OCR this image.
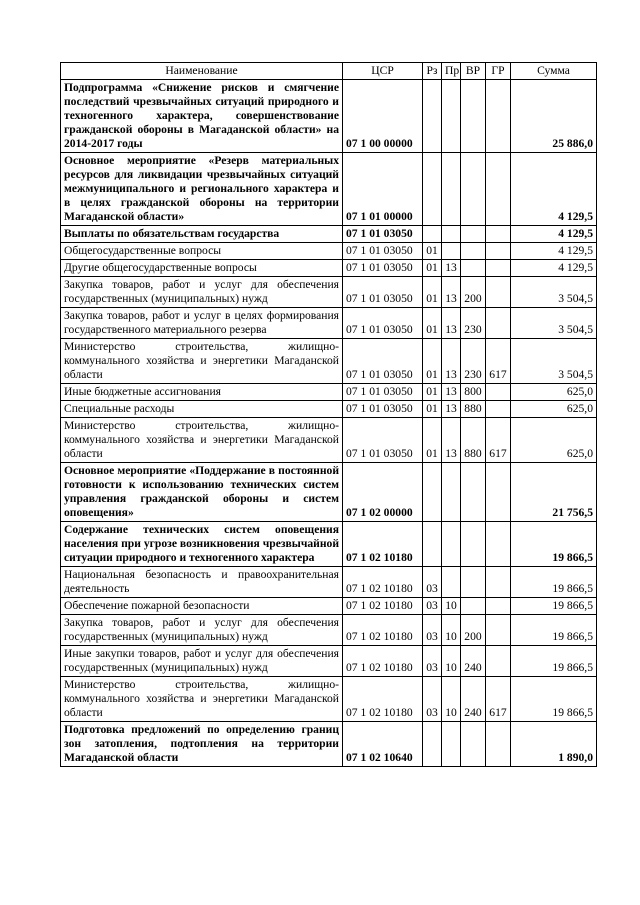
Наименование	ЦСР	Рз	Пр	ВР	ГР	Сумма
Подпрограмма «Снижение рисков и смягчение последствий чрезвычайных ситуаций природного и техногенного характера, совершенствование гражданской обороны в Магаданской области» на 2014-2017 годы	07 1 00 00000					25 886,0
Основное мероприятие «Резерв материальных ресурсов для ликвидации чрезвычайных ситуаций межмуниципального и регионального характера и в целях гражданской обороны на территории Магаданской области»	07 1 01 00000					4 129,5
Выплаты по обязательствам государства	07 1 01 03050					4 129,5
Общегосударственные вопросы	07 1 01 03050	01				4 129,5
Другие общегосударственные вопросы	07 1 01 03050	01	13			4 129,5
Закупка товаров, работ и услуг для обеспечения государственных (муниципальных) нужд	07 1 01 03050	01	13	200		3 504,5
Закупка товаров, работ и услуг в целях формирования государственного материального резерва	07 1 01 03050	01	13	230		3 504,5
Министерство строительства, жилищно-коммунального хозяйства и энергетики Магаданской области	07 1 01 03050	01	13	230	617	3 504,5
Иные бюджетные ассигнования	07 1 01 03050	01	13	800		625,0
Специальные расходы	07 1 01 03050	01	13	880		625,0
Министерство строительства, жилищно-коммунального хозяйства и энергетики Магаданской области	07 1 01 03050	01	13	880	617	625,0
Основное мероприятие «Поддержание в постоянной готовности к использованию технических систем управления гражданской обороны и систем оповещения»	07 1 02 00000					21 756,5
Содержание технических систем оповещения населения при угрозе возникновения чрезвычайной ситуации природного и техногенного характера	07 1 02 10180					19 866,5
Национальная безопасность и правоохранительная деятельность	07 1 02 10180	03				19 866,5
Обеспечение пожарной безопасности	07 1 02 10180	03	10			19 866,5
Закупка товаров, работ и услуг для обеспечения государственных (муниципальных) нужд	07 1 02 10180	03	10	200		19 866,5
Иные закупки товаров, работ и услуг для обеспечения государственных (муниципальных) нужд	07 1 02 10180	03	10	240		19 866,5
Министерство строительства, жилищно-коммунального хозяйства и энергетики Магаданской области	07 1 02 10180	03	10	240	617	19 866,5
Подготовка предложений по определению границ зон затопления, подтопления на территории Магаданской области	07 1 02 10640					1 890,0
